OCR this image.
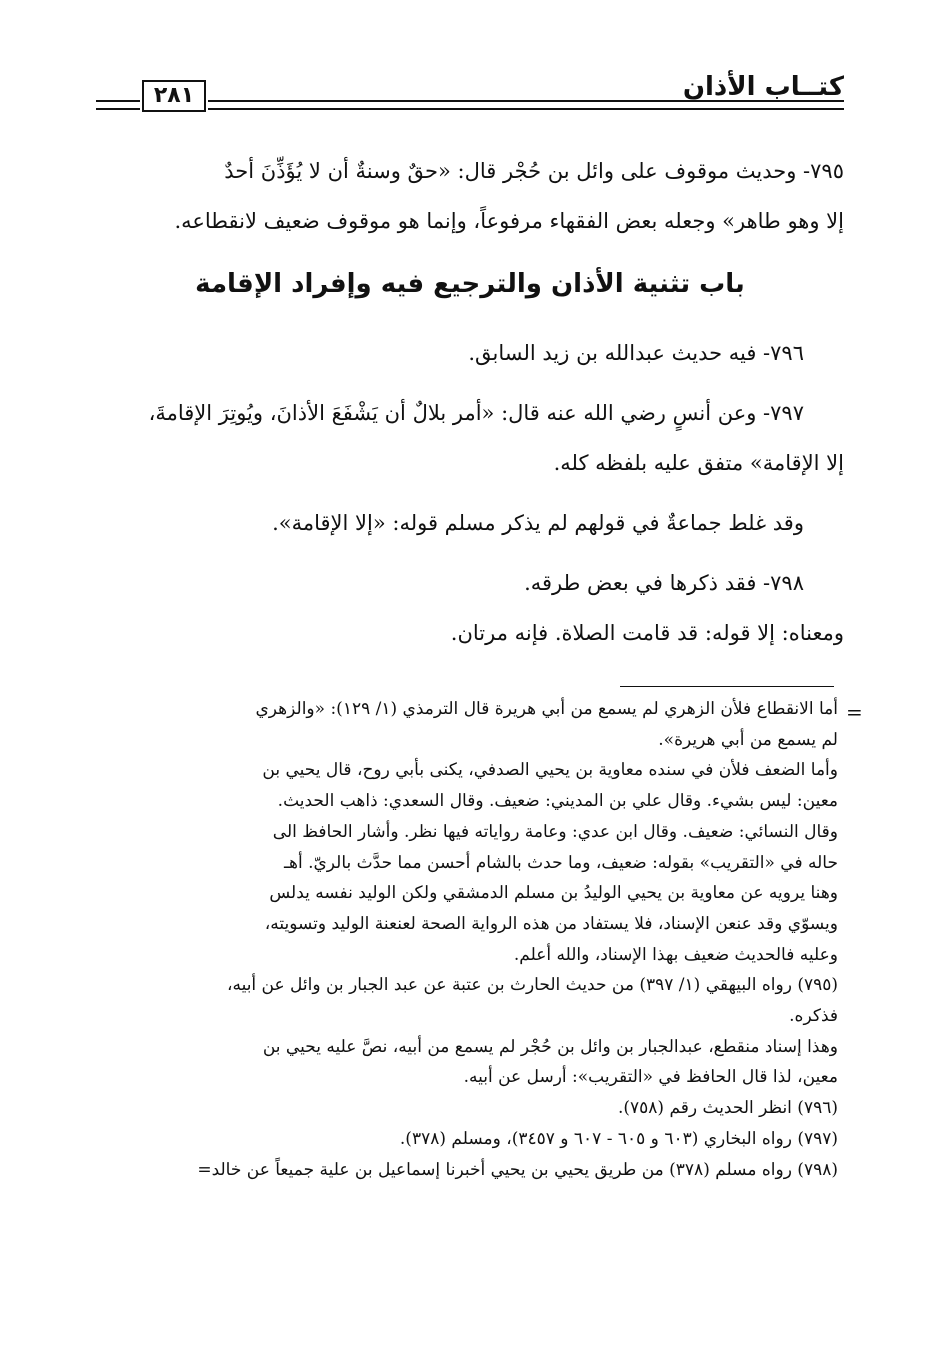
كتــاب الأذان
٢٨١

٧٩٥- وحديث موقوف على وائل بن حُجْر قال: «حقٌ وسنةٌ أن لا يُؤَذِّنَ أحدٌ

إلا وهو طاهر» وجعله بعض الفقهاء مرفوعاً، وإنما هو موقوف ضعيف لانقطاعه.

باب تثنية الأذان والترجيع فيه وإفراد الإقامة

٧٩٦- فيه حديث عبدالله بن زيد السابق.

٧٩٧- وعن أنسٍ رضي الله عنه قال: «أمر بلالٌ أن يَشْفَعَ الأذانَ، ويُوتِرَ الإقامةَ،

إلا الإقامة» متفق عليه بلفظه كله.

وقد غلط جماعةٌ في قولهم لم يذكر مسلم قوله: «إلا الإقامة».

٧٩٨- فقد ذكرها في بعض طرقه.

ومعناه: إلا قوله: قد قامت الصلاة. فإنه مرتان.

=

أما الانقطاع فلأن الزهري لم يسمع من أبي هريرة قال الترمذي (١/ ١٢٩): «والزهري

لم يسمع من أبي هريرة».

وأما الضعف فلأن في سنده معاوية بن يحيي الصدفي، يكنى بأبي روح، قال يحيي بن

معين: ليس بشيء. وقال علي بن المديني: ضعيف. وقال السعدي: ذاهب الحديث.

وقال النسائي: ضعيف. وقال ابن عدي: وعامة رواياته فيها نظر. وأشار الحافظ الى

حاله في «التقريب» بقوله: ضعيف، وما حدث بالشام أحسن مما حدَّث بالريّ. أهـ

وهنا يرويه عن معاوية بن يحيي الوليدُ بن مسلم الدمشقي ولكن الوليد نفسه يدلس

ويسوّي وقد عنعن الإسناد، فلا يستفاد من هذه الرواية الصحة لعنعنة الوليد وتسويته،

وعليه فالحديث ضعيف بهذا الإسناد، والله أعلم.

(٧٩٥) رواه البيهقي (١/ ٣٩٧) من حديث الحارث بن عتبة عن عبد الجبار بن وائل عن أبيه،

فذكره.

وهذا إسناد منقطع، عبدالجبار بن وائل بن حُجْر لم يسمع من أبيه، نصَّ عليه يحيي بن

معين، لذا قال الحافظ في «التقريب»: أرسل عن أبيه.

(٧٩٦) انظر الحديث رقم (٧٥٨).

(٧٩٧) رواه البخاري (٦٠٣ و ٦٠٥ - ٦٠٧ و ٣٤٥٧)، ومسلم (٣٧٨).

(٧٩٨) رواه مسلم (٣٧٨) من طريق يحيي بن يحيي أخبرنا إسماعيل بن علية جميعاً عن خالد=
